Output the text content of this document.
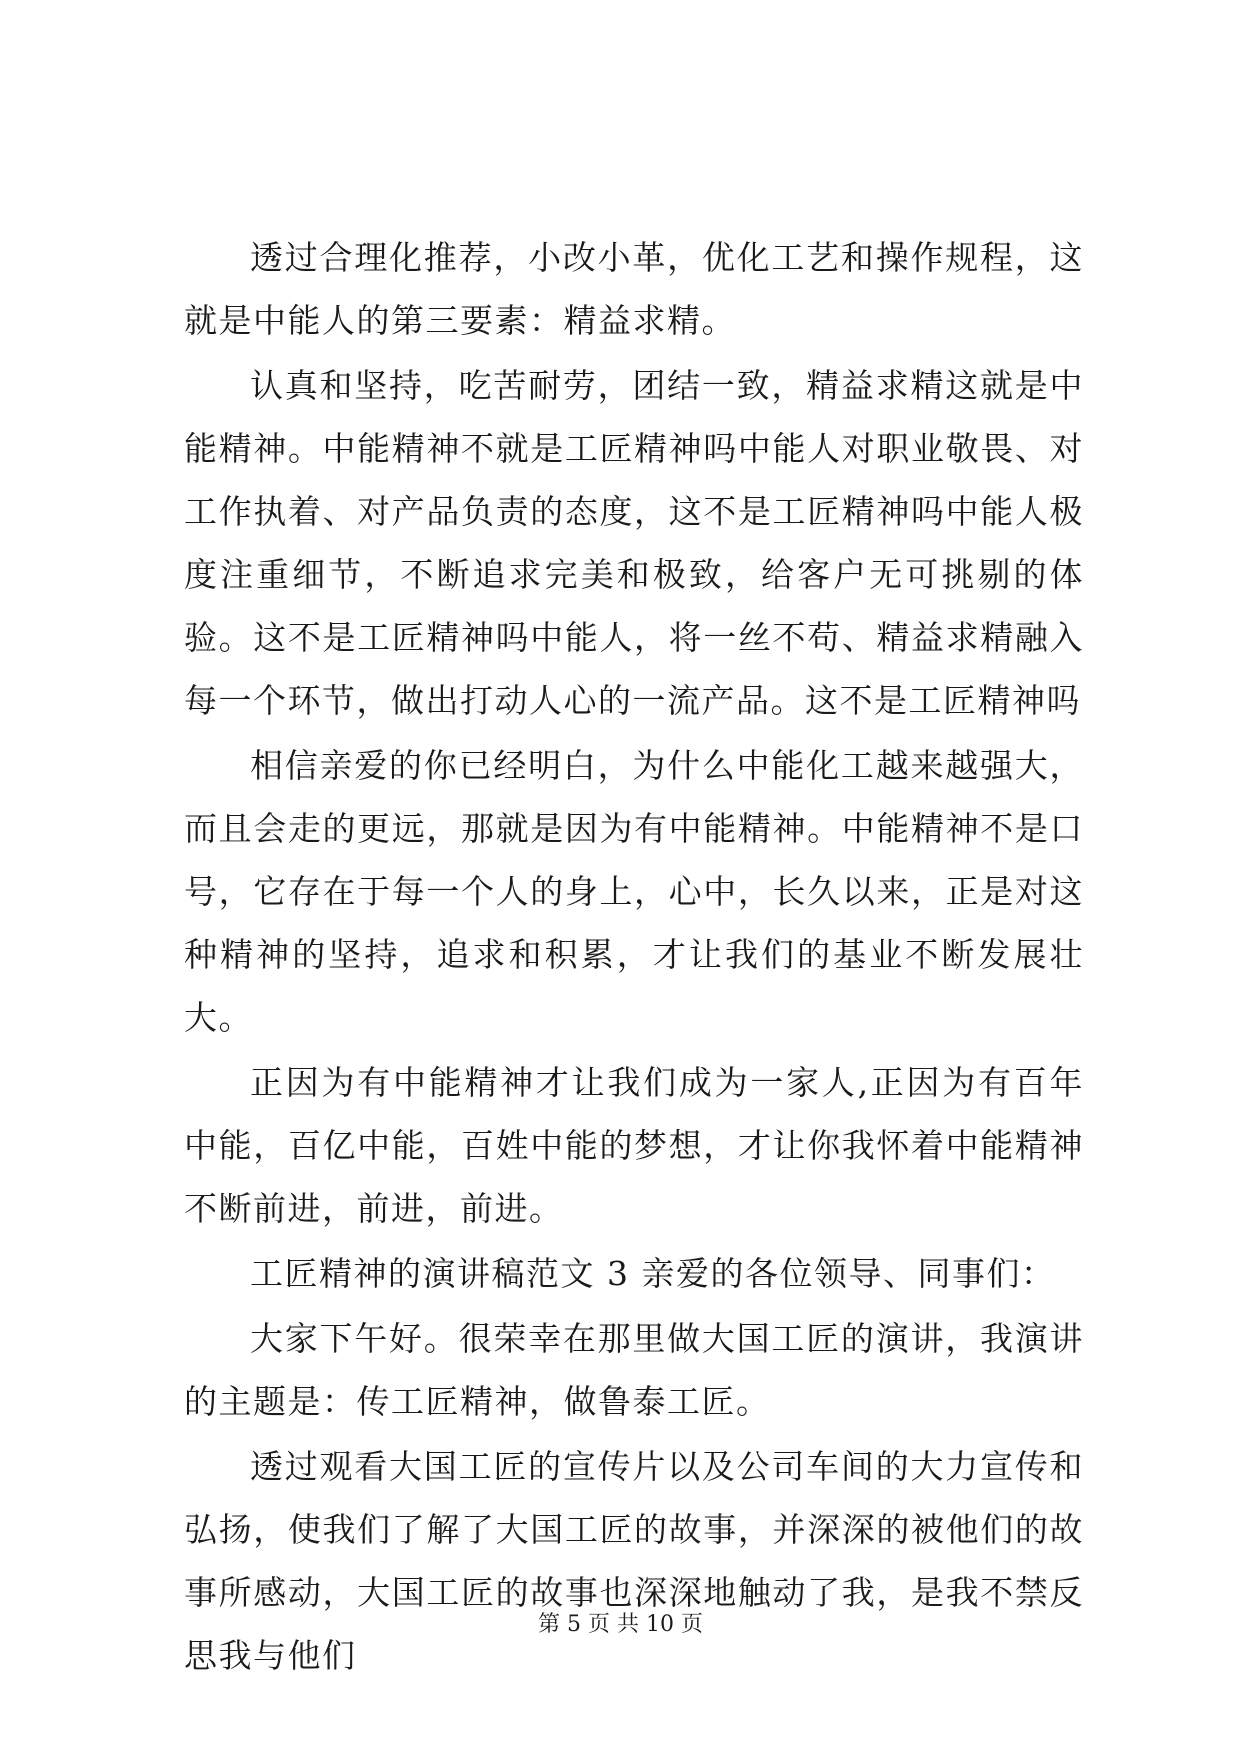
透过合理化推荐，小改小革，优化工艺和操作规程，这就是中能人的第三要素：精益求精。

认真和坚持，吃苦耐劳，团结一致，精益求精这就是中能精神。中能精神不就是工匠精神吗中能人对职业敬畏、对工作执着、对产品负责的态度，这不是工匠精神吗中能人极度注重细节，不断追求完美和极致，给客户无可挑剔的体验。这不是工匠精神吗中能人，将一丝不苟、精益求精融入每一个环节，做出打动人心的一流产品。这不是工匠精神吗

相信亲爱的你已经明白，为什么中能化工越来越强大，而且会走的更远，那就是因为有中能精神。中能精神不是口号，它存在于每一个人的身上，心中，长久以来，正是对这种精神的坚持，追求和积累，才让我们的基业不断发展壮大。

正因为有中能精神才让我们成为一家人,正因为有百年中能，百亿中能，百姓中能的梦想，才让你我怀着中能精神不断前进，前进，前进。

工匠精神的演讲稿范文 3 亲爱的各位领导、同事们：

大家下午好。很荣幸在那里做大国工匠的演讲，我演讲的主题是：传工匠精神，做鲁泰工匠。

透过观看大国工匠的宣传片以及公司车间的大力宣传和弘扬，使我们了解了大国工匠的故事，并深深的被他们的故事所感动，大国工匠的故事也深深地触动了我，是我不禁反思我与他们

第 5 页 共 10 页
